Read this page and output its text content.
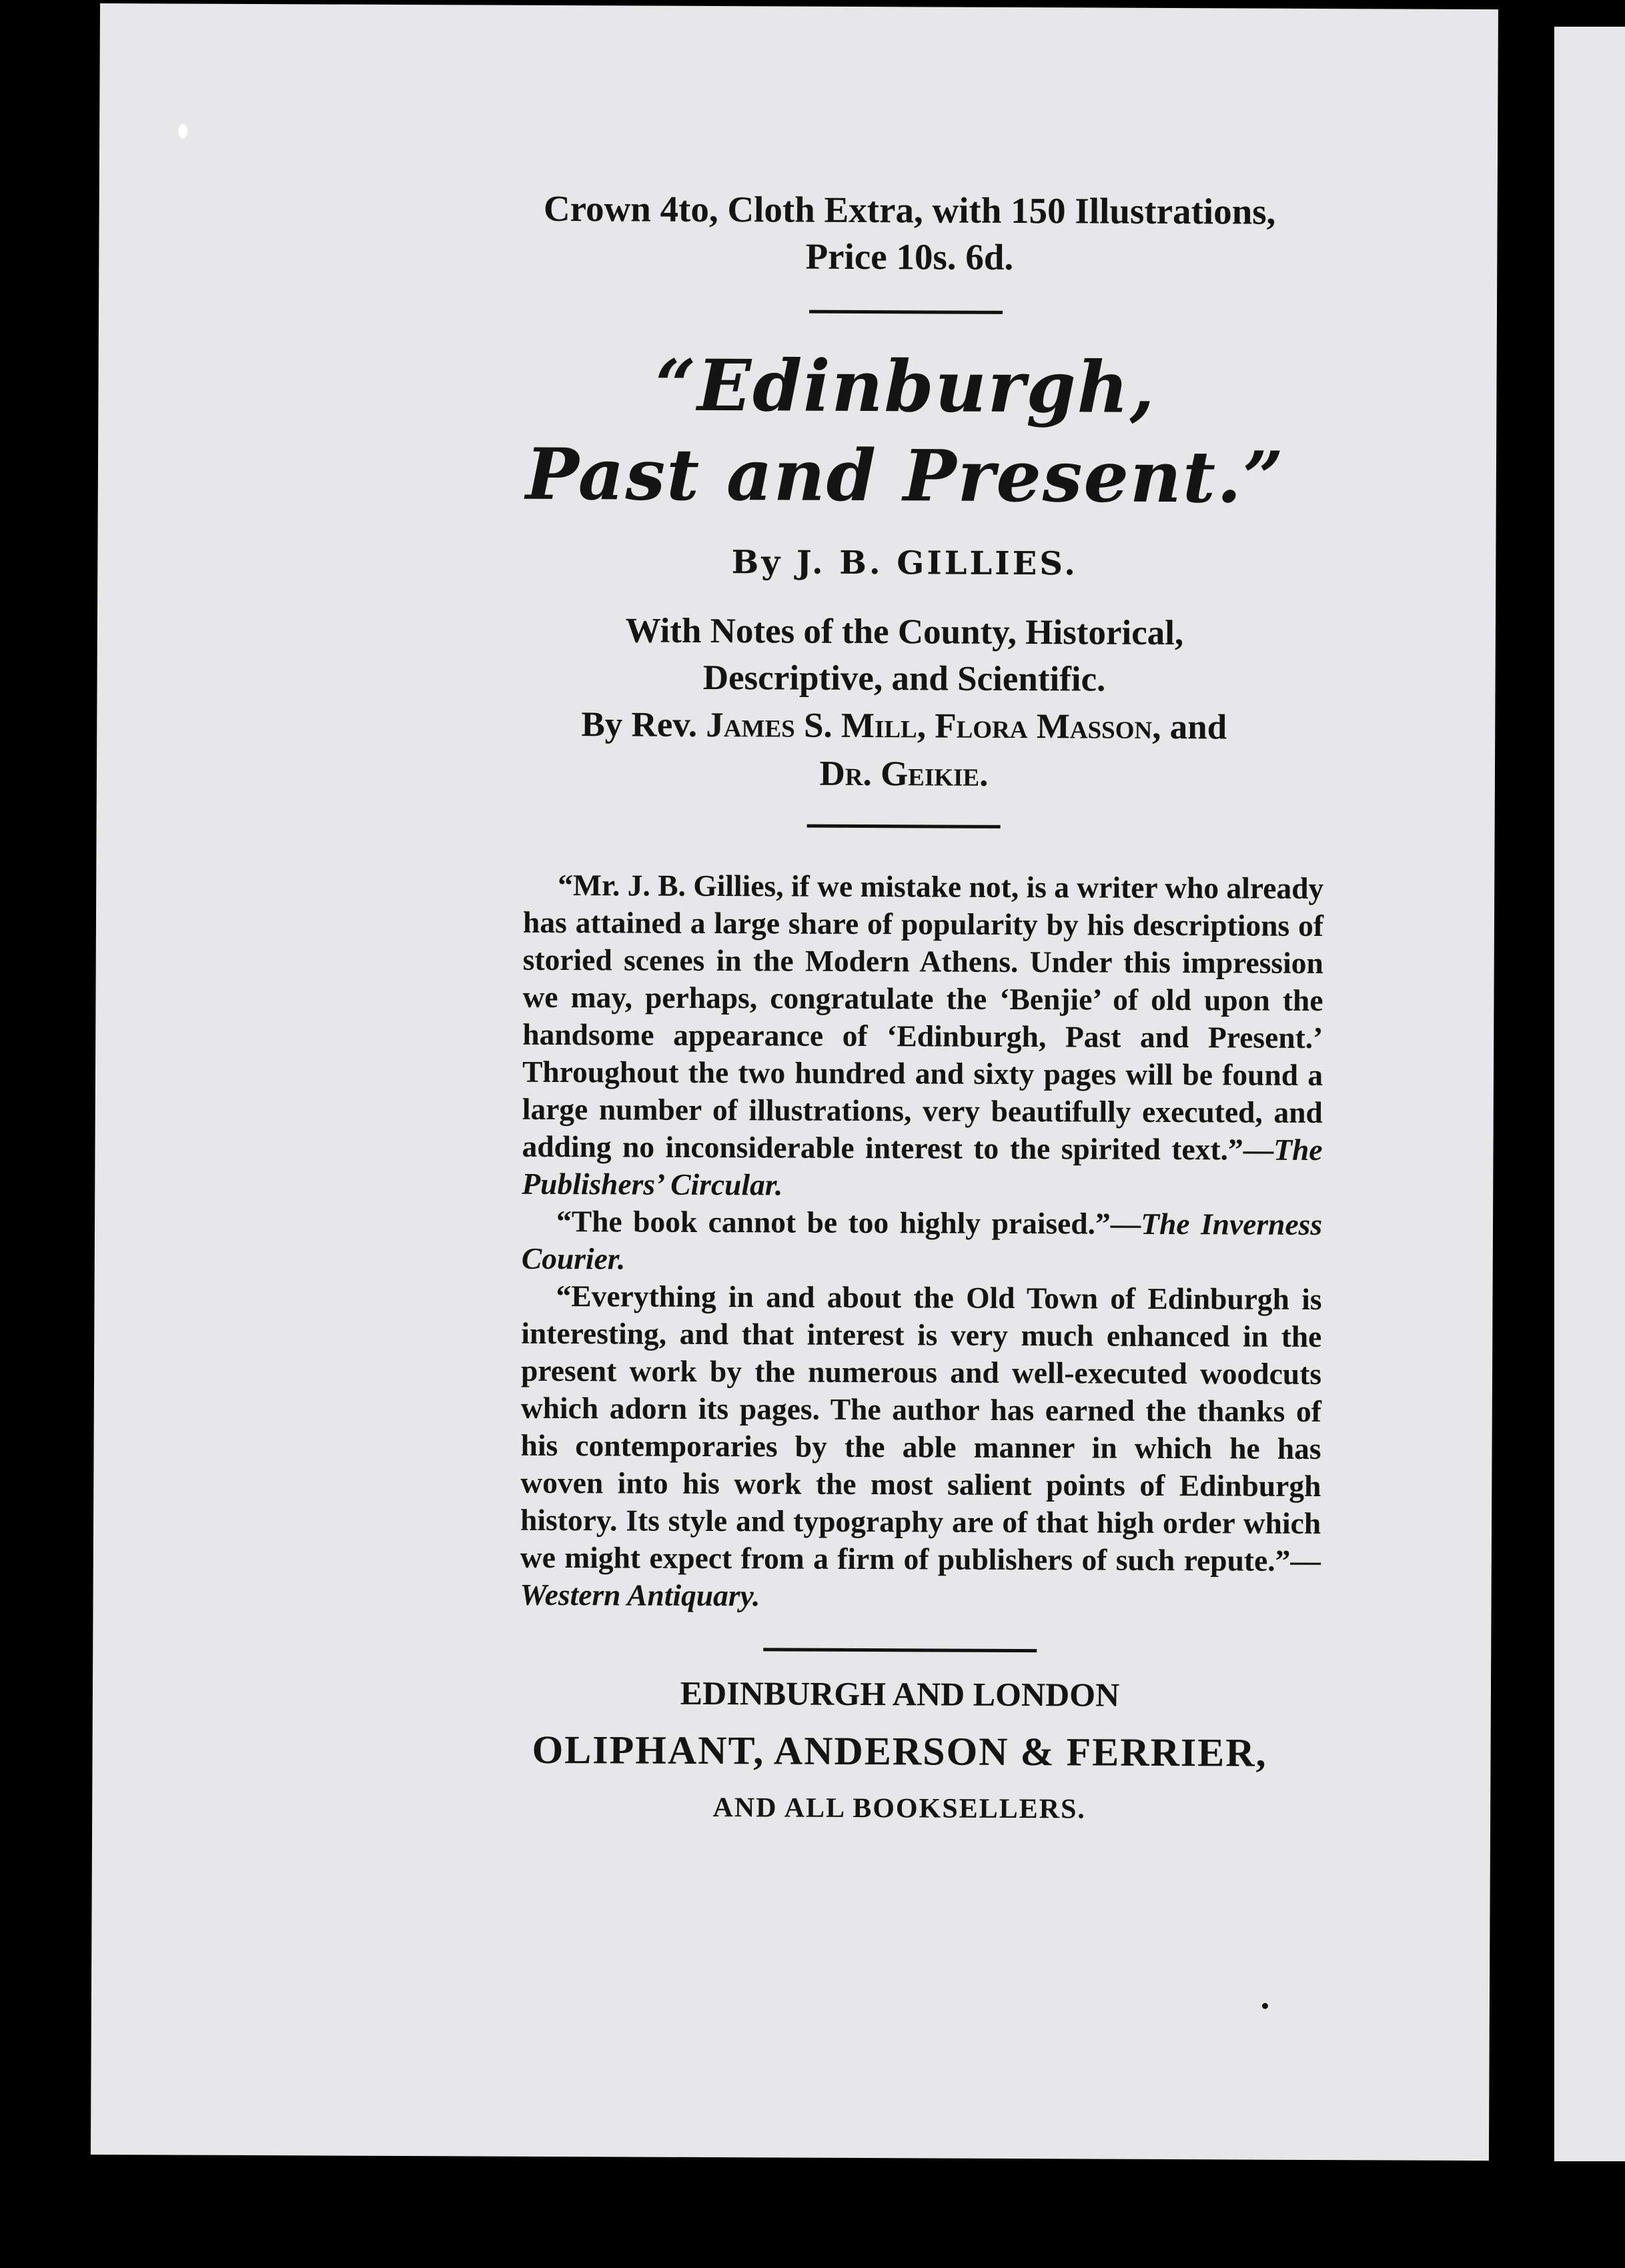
Crown 4to, Cloth Extra, with 150 Illustrations,
Price 10s. 6d.
“Edinburgh,
Past and Present.”
By J. B. GILLIES.
With Notes of the County, Historical,
Descriptive, and Scientific.
By Rev. James S. Mill, Flora Masson, and
Dr. Geikie.

“Mr. J. B. Gillies, if we mistake not, is a writer who already has attained a large share of popularity by his descriptions of storied scenes in the Modern Athens. Under this impression we may, perhaps, congratulate the ‘Benjie’ of old upon the handsome appearance of ‘Edinburgh, Past and Present.’ Throughout the two hundred and sixty pages will be found a large number of illustrations, very beautifully executed, and adding no inconsiderable interest to the spirited text.”—The Publishers’ Circular.

“The book cannot be too highly praised.”—The Inverness Courier.

“Everything in and about the Old Town of Edinburgh is interesting, and that interest is very much enhanced in the present work by the numerous and well-executed woodcuts which adorn its pages. The author has earned the thanks of his contemporaries by the able manner in which he has woven into his work the most salient points of Edinburgh history. Its style and typography are of that high order which we might expect from a firm of publishers of such repute.”—Western Antiquary.

EDINBURGH AND LONDON
OLIPHANT, ANDERSON & FERRIER,
AND ALL BOOKSELLERS.
